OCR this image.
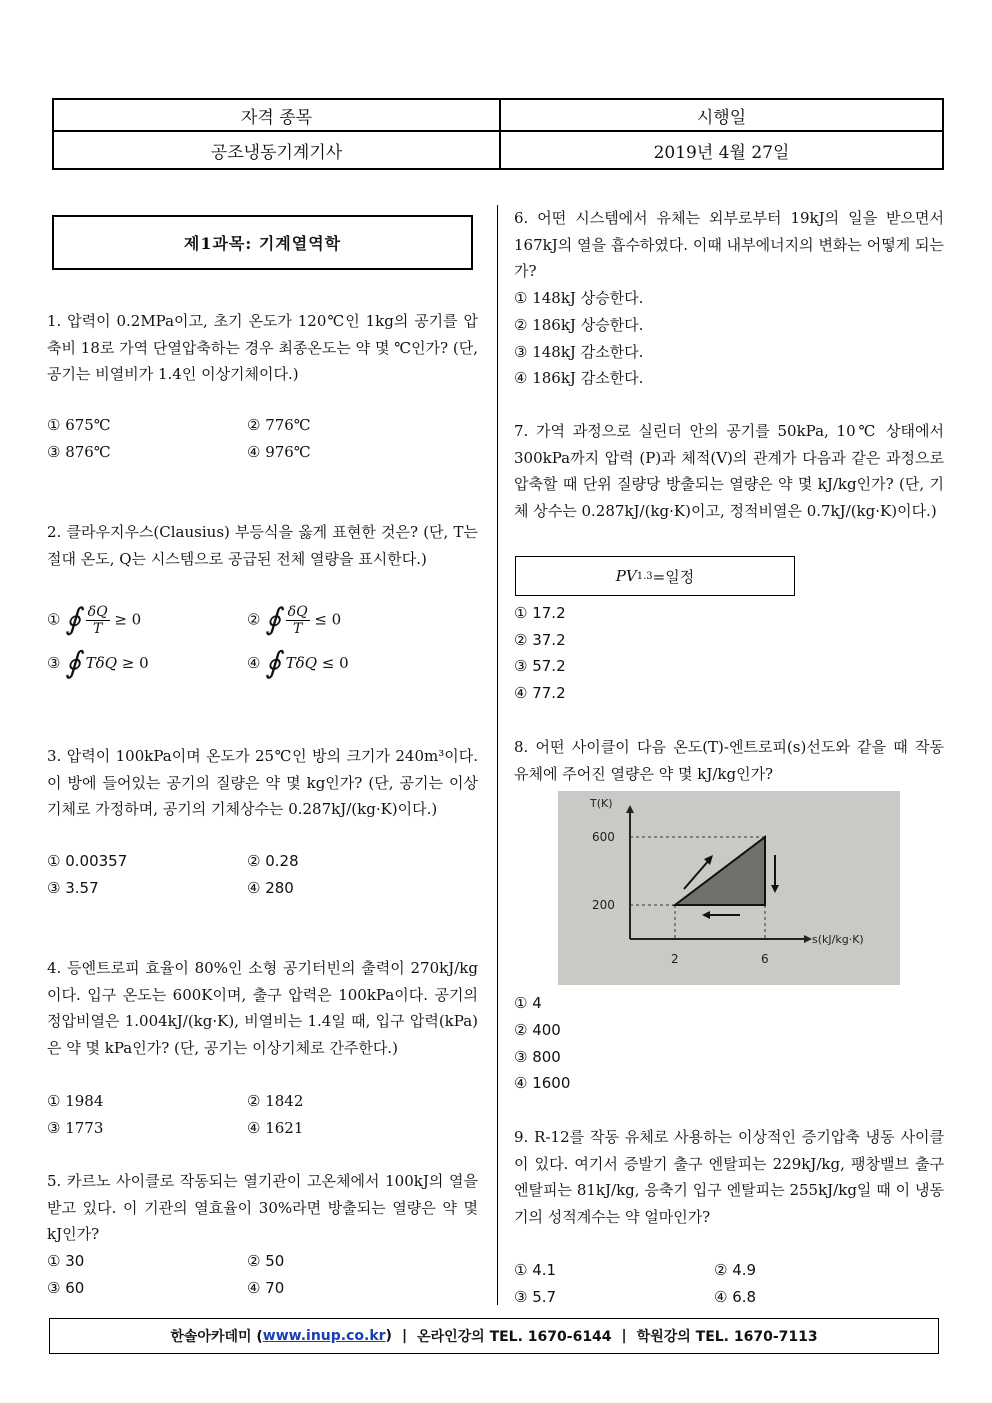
자격 종목	시행일
공조냉동기계기사	2019년 4월 27일
제1과목: 기계열역학

1. 압력이 0.2MPa이고, 초기 온도가 120℃인 1kg의 공기를 압축비 18로 가역 단열압축하는 경우 최종온도는 약 몇 ℃인가? (단, 공기는 비열비가 1.4인 이상기체이다.)

① 675℃	② 776℃
③ 876℃	④ 976℃

2. 클라우지우스(Clausius) 부등식을 옳게 표현한 것은? (단, T는 절대 온도, Q는 시스템으로 공급된 전체 열량을 표시한다.)

① ∮ $\frac{\delta Q}{T} \ge 0$	② ∮ $\frac{\delta Q}{T} \le 0$
③ ∮ TδQ ≥ 0	④ ∮ TδQ ≤ 0

3. 압력이 100kPa이며 온도가 25℃인 방의 크기가 240m³이다. 이 방에 들어있는 공기의 질량은 약 몇 kg인가? (단, 공기는 이상기체로 가정하며, 공기의 기체상수는 0.287kJ/(kg·K)이다.)

① 0.00357	② 0.28
③ 3.57	④ 280

4. 등엔트로피 효율이 80%인 소형 공기터빈의 출력이 270kJ/kg이다. 입구 온도는 600K이며, 출구 압력은 100kPa이다. 공기의 정압비열은 1.004kJ/(kg·K), 비열비는 1.4일 때, 입구 압력(kPa)은 약 몇 kPa인가? (단, 공기는 이상기체로 간주한다.)

① 1984	② 1842
③ 1773	④ 1621

5. 카르노 사이클로 작동되는 열기관이 고온체에서 100kJ의 열을 받고 있다. 이 기관의 열효율이 30%라면 방출되는 열량은 약 몇 kJ인가?

① 30	② 50
③ 60	④ 70

6. 어떤 시스템에서 유체는 외부로부터 19kJ의 일을 받으면서 167kJ의 열을 흡수하였다. 이때 내부에너지의 변화는 어떻게 되는가?

① 148kJ 상승한다.
② 186kJ 상승한다.
③ 148kJ 감소한다.
④ 186kJ 감소한다.

7. 가역 과정으로 실린더 안의 공기를 50kPa, 10℃ 상태에서 300kPa까지 압력 (P)과 체적(V)의 관계가 다음과 같은 과정으로 압축할 때 단위 질량당 방출되는 열량은 약 몇 kJ/kg인가? (단, 기체 상수는 0.287kJ/(kg·K)이고, 정적비열은 0.7kJ/(kg·K)이다.)

PV 1.3 =일정
① 17.2
② 37.2
③ 57.2
④ 77.2

8. 어떤 사이클이 다음 온도(T)-엔트로피(s)선도와 같을 때 작동 유체에 주어진 열량은 약 몇 kJ/kg인가?

200
600
2	6
T(K)
s(kJ/kg·K)
① 4
② 400
③ 800
④ 1600

9. R-12를 작동 유체로 사용하는 이상적인 증기압축 냉동 사이클이 있다. 여기서 증발기 출구 엔탈피는 229kJ/kg, 팽창밸브 출구 엔탈피는 81kJ/kg, 응축기 입구 엔탈피는 255kJ/kg일 때 이 냉동기의 성적계수는 약 얼마인가?

① 4.1	② 4.9
③ 5.7	④ 6.8
한솔아카데미 ( www.inup.co.kr ) | 온라인강의 TEL. 1670-6144 | 학원강의 TEL. 1670-7113
